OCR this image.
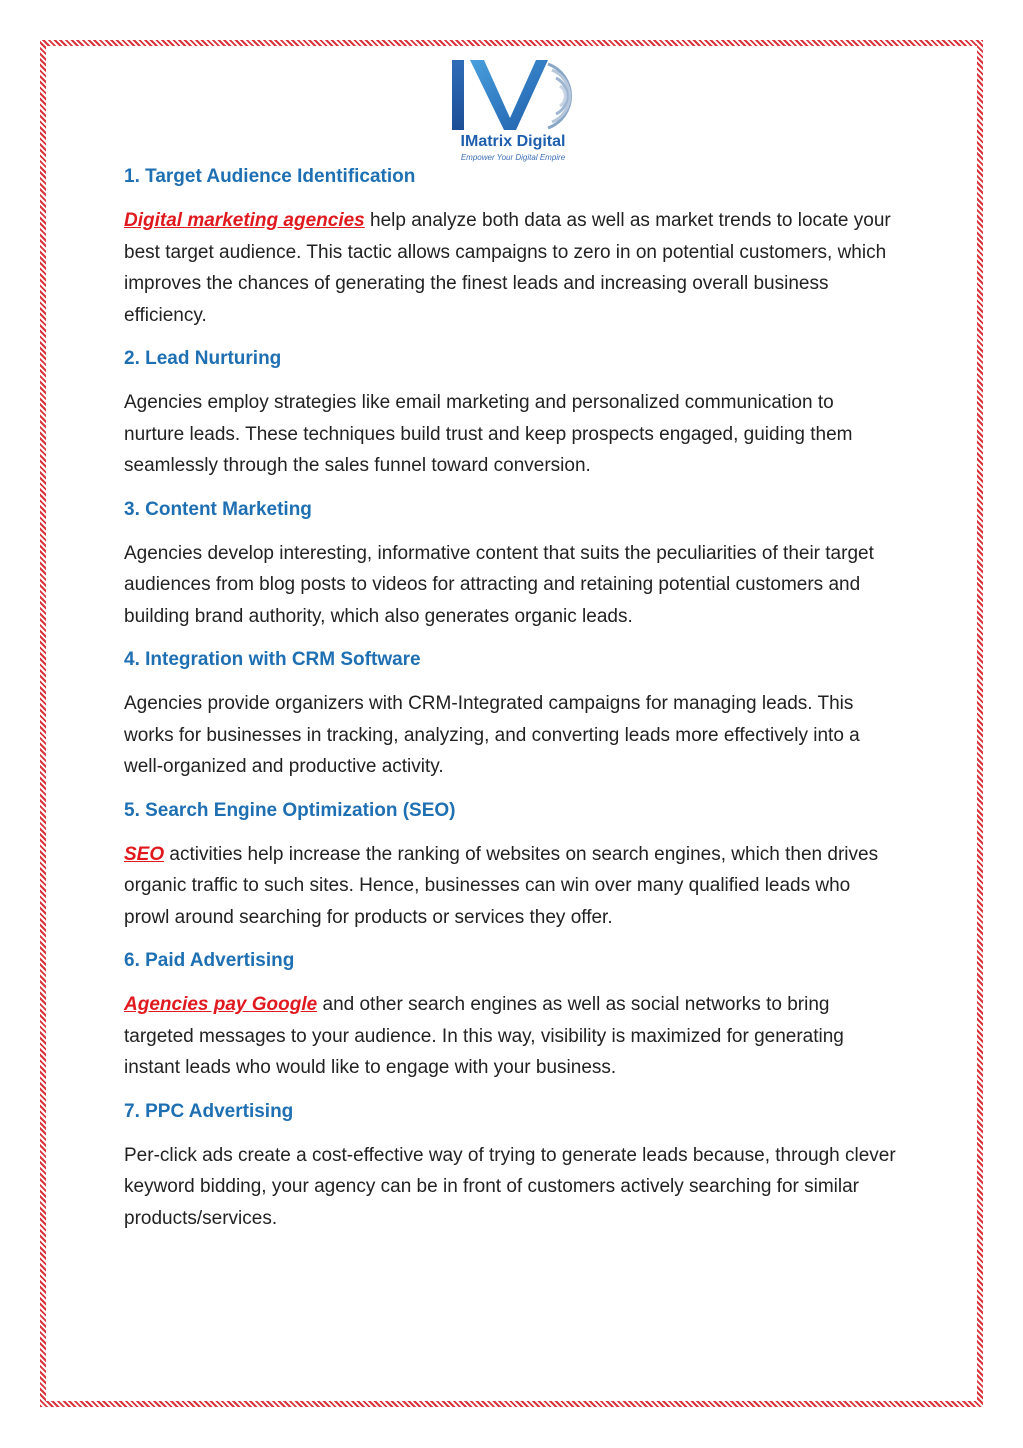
IMatrix Digital
Empower Your Digital Empire
1. Target Audience Identification

Digital marketing agencies help analyze both data as well as market trends to locate your best target audience. This tactic allows campaigns to zero in on potential customers, which improves the chances of generating the finest leads and increasing overall business efficiency.

2. Lead Nurturing

Agencies employ strategies like email marketing and personalized communication to nurture leads. These techniques build trust and keep prospects engaged, guiding them seamlessly through the sales funnel toward conversion.

3. Content Marketing

Agencies develop interesting, informative content that suits the peculiarities of their target audiences from blog posts to videos for attracting and retaining potential customers and building brand authority, which also generates organic leads.

4. Integration with CRM Software

Agencies provide organizers with CRM-Integrated campaigns for managing leads. This works for businesses in tracking, analyzing, and converting leads more effectively into a well-organized and productive activity.

5. Search Engine Optimization (SEO)

SEO activities help increase the ranking of websites on search engines, which then drives organic traffic to such sites. Hence, businesses can win over many qualified leads who prowl around searching for products or services they offer.

6. Paid Advertising

Agencies pay Google and other search engines as well as social networks to bring targeted messages to your audience. In this way, visibility is maximized for generating instant leads who would like to engage with your business.

7. PPC Advertising

Per-click ads create a cost-effective way of trying to generate leads because, through clever keyword bidding, your agency can be in front of customers actively searching for similar products/services.
